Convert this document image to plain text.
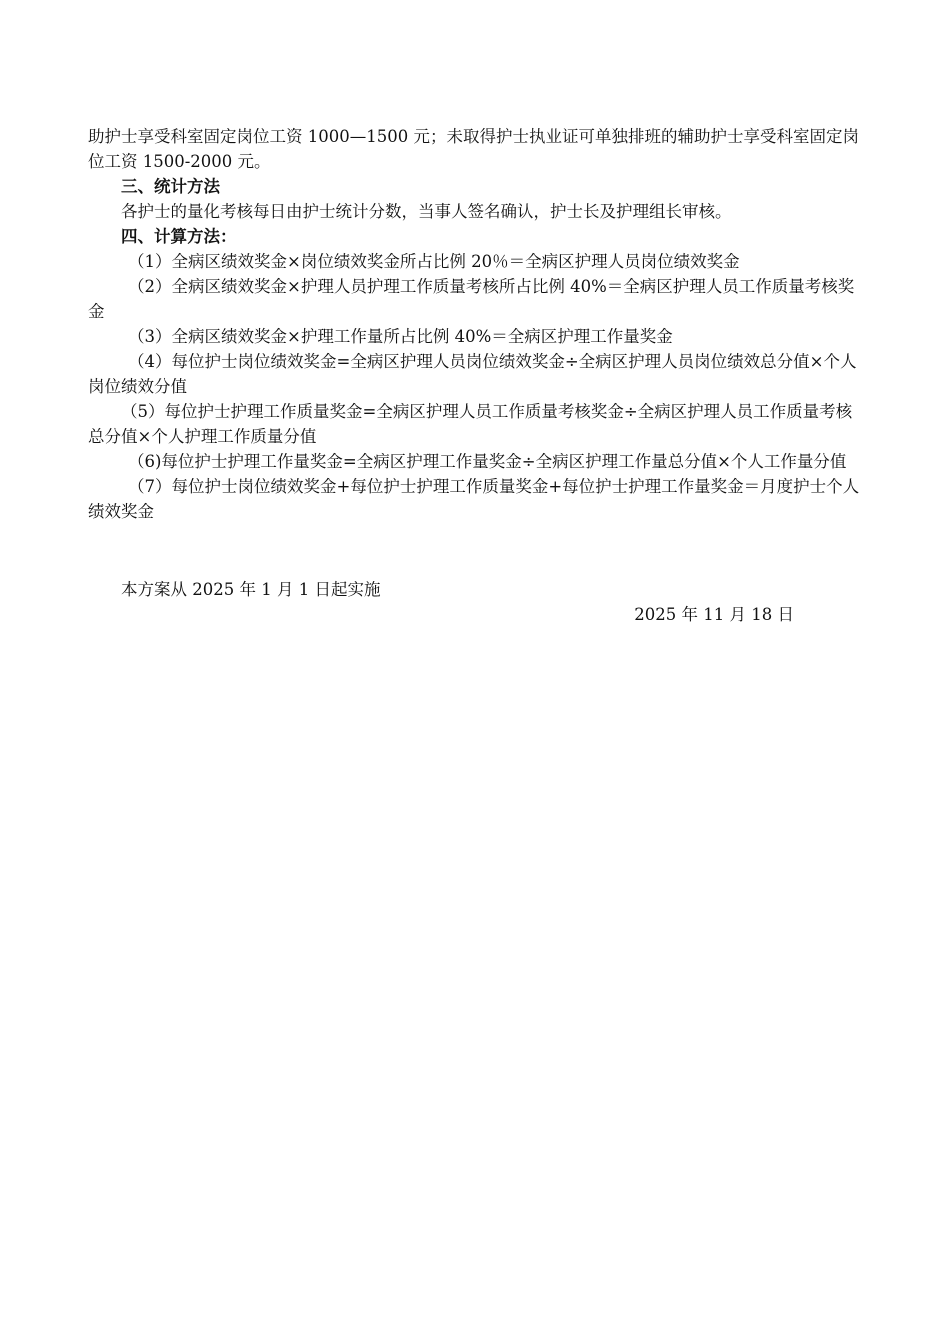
助护士享受科室固定岗位工资 1000—1500 元；未取得护士执业证可单独排班的辅助护士享受科室固定岗位工资 1500-2000 元。

三、统计方法

各护士的量化考核每日由护士统计分数，当事人签名确认，护士长及护理组长审核。

四、计算方法：

（1）全病区绩效奖金×岗位绩效奖金所占比例 20％＝全病区护理人员岗位绩效奖金

（2）全病区绩效奖金×护理人员护理工作质量考核所占比例 40%＝全病区护理人员工作质量考核奖金

（3）全病区绩效奖金×护理工作量所占比例 40%＝全病区护理工作量奖金

（4）每位护士岗位绩效奖金=全病区护理人员岗位绩效奖金÷全病区护理人员岗位绩效总分值×个人岗位绩效分值

（5）每位护士护理工作质量奖金=全病区护理人员工作质量考核奖金÷全病区护理人员工作质量考核总分值×个人护理工作质量分值

（6)每位护士护理工作量奖金=全病区护理工作量奖金÷全病区护理工作量总分值×个人工作量分值

（7）每位护士岗位绩效奖金+每位护士护理工作质量奖金+每位护士护理工作量奖金＝月度护士个人绩效奖金

本方案从 2025 年 1 月 1 日起实施

2025 年 11 月 18 日
